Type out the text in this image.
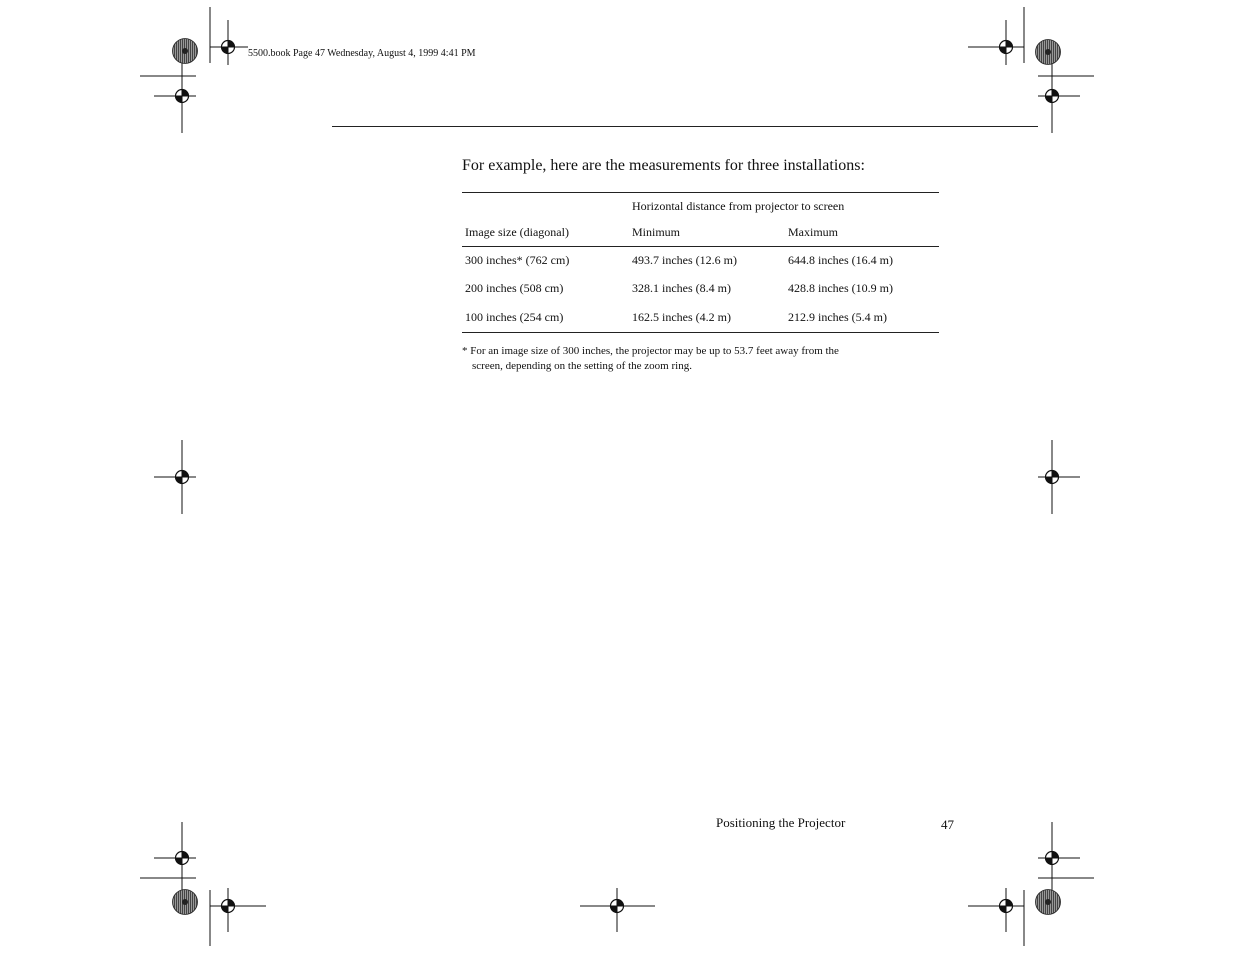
5500.book Page 47 Wednesday, August 4, 1999 4:41 PM
For example, here are the measurements for three installations:
	Horizontal distance from projector to screen	
Image size (diagonal)	Minimum	Maximum
300 inches* (762 cm)	493.7 inches (12.6 m)	644.8 inches (16.4 m)
200 inches (508 cm)	328.1 inches (8.4 m)	428.8 inches (10.9 m)
100 inches (254 cm)	162.5 inches (4.2 m)	212.9 inches (5.4 m)
* For an image size of 300 inches, the projector may be up to 53.7 feet away from the
screen, depending on the setting of the zoom ring.
Positioning the Projector	47
